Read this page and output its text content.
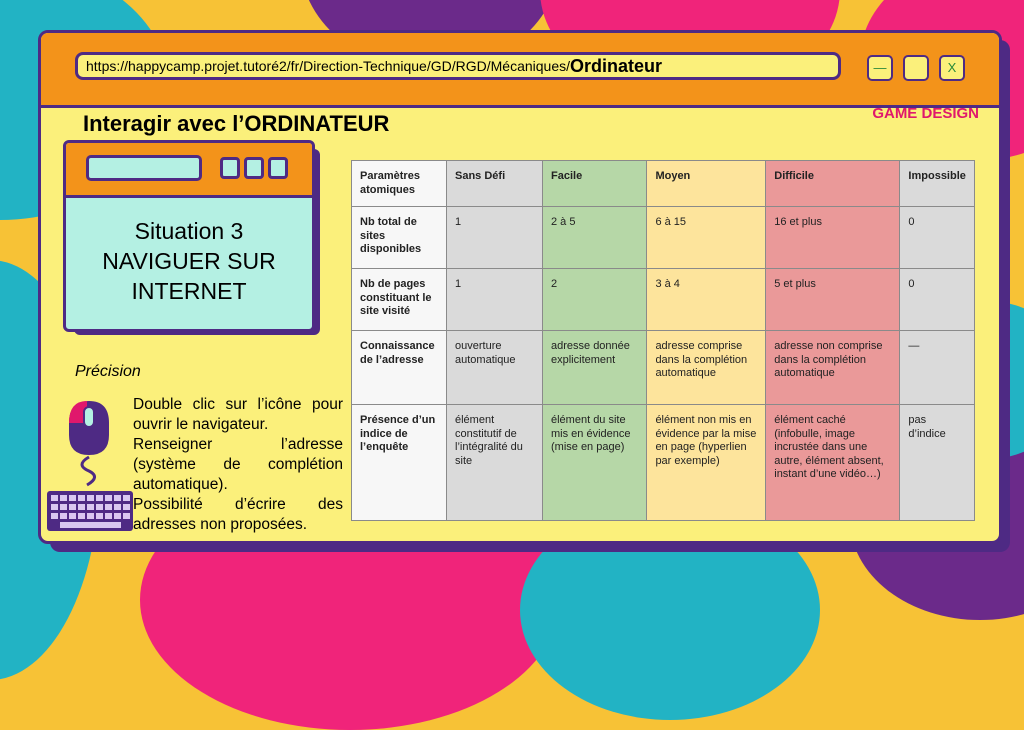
https://happycamp.projet.tutoré2/fr/Direction-Technique/GD/RGD/Mécaniques/ Ordinateur	—	X
GAME DESIGN
Interagir avec l’ORDINATEUR
Situation 3
NAVIGUER SUR
INTERNET
Précision

Double clic sur l’icône pour ouvrir le navigateur.

Renseigner l’adresse (système de complétion automatique).

Possibilité d’écrire des adresses non proposées.

Paramètres atomiques	Sans Défi	Facile	Moyen	Difficile	Impossible
Nb total de sites disponibles	1	2 à 5	6 à 15	16 et plus	0
Nb de pages constituant le site visité	1	2	3 à 4	5 et plus	0
Connaissance de l’adresse	ouverture automatique	adresse donnée explicitement	adresse comprise dans la complétion automatique	adresse non comprise dans la complétion automatique	—
Présence d’un indice de l’enquête	élément constitutif de l’intégralité du site	élément du site mis en évidence (mise en page)	élément non mis en évidence par la mise en page (hyperlien par exemple)	élément caché (infobulle, image incrustée dans une autre, élément absent, instant d’une vidéo…)	pas d’indice
